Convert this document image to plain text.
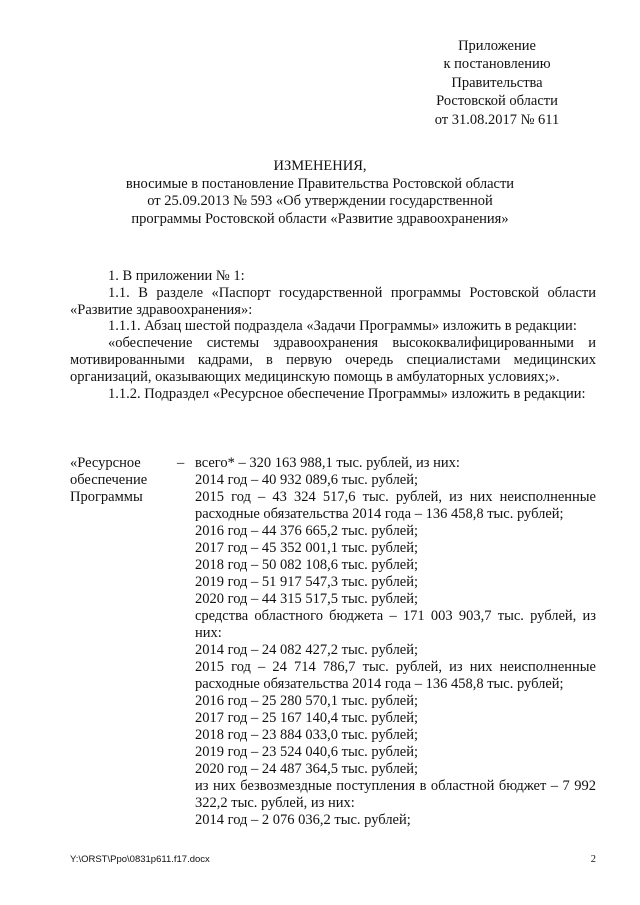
Приложение
к постановлению
Правительства
Ростовской области
от 31.08.2017 № 611
ИЗМЕНЕНИЯ,
вносимые в постановление Правительства Ростовской области
от 25.09.2013 № 593 «Об утверждении государственной
программы Ростовской области «Развитие здравоохранения»

1. В приложении № 1:

1.1. В разделе «Паспорт государственной программы Ростовской области «Развитие здравоохранения»:

1.1.1. Абзац шестой подраздела «Задачи Программы» изложить в редакции:

«обеспечение системы здравоохранения высококвалифицированными и мотивированными кадрами, в первую очередь специалистами медицинских организаций, оказывающих медицинскую помощь в амбулаторных условиях;».

1.1.2. Подраздел «Ресурсное обеспечение Программы» изложить в редакции:

«Ресурсное
обеспечение
Программы
– всего* – 320 163 988,1 тыс. рублей, из них:

2014 год – 40 932 089,6 тыс. рублей;

2015 год – 43 324 517,6 тыс. рублей, из них неисполненные расходные обязательства 2014 года – 136 458,8 тыс. рублей;

2016 год – 44 376 665,2 тыс. рублей;

2017 год – 45 352 001,1 тыс. рублей;

2018 год – 50 082 108,6 тыс. рублей;

2019 год – 51 917 547,3 тыс. рублей;

2020 год – 44 315 517,5 тыс. рублей;

средства областного бюджета – 171 003 903,7 тыс. рублей, из них:

2014 год – 24 082 427,2 тыс. рублей;

2015 год – 24 714 786,7 тыс. рублей, из них неисполненные расходные обязательства 2014 года – 136 458,8 тыс. рублей;

2016 год – 25 280 570,1 тыс. рублей;

2017 год – 25 167 140,4 тыс. рублей;

2018 год – 23 884 033,0 тыс. рублей;

2019 год – 23 524 040,6 тыс. рублей;

2020 год – 24 487 364,5 тыс. рублей;

из них безвозмездные поступления в областной бюджет – 7 992 322,2 тыс. рублей, из них:

2014 год – 2 076 036,2 тыс. рублей;

Y:\ORST\Ppo\0831p611.f17.docx	2
